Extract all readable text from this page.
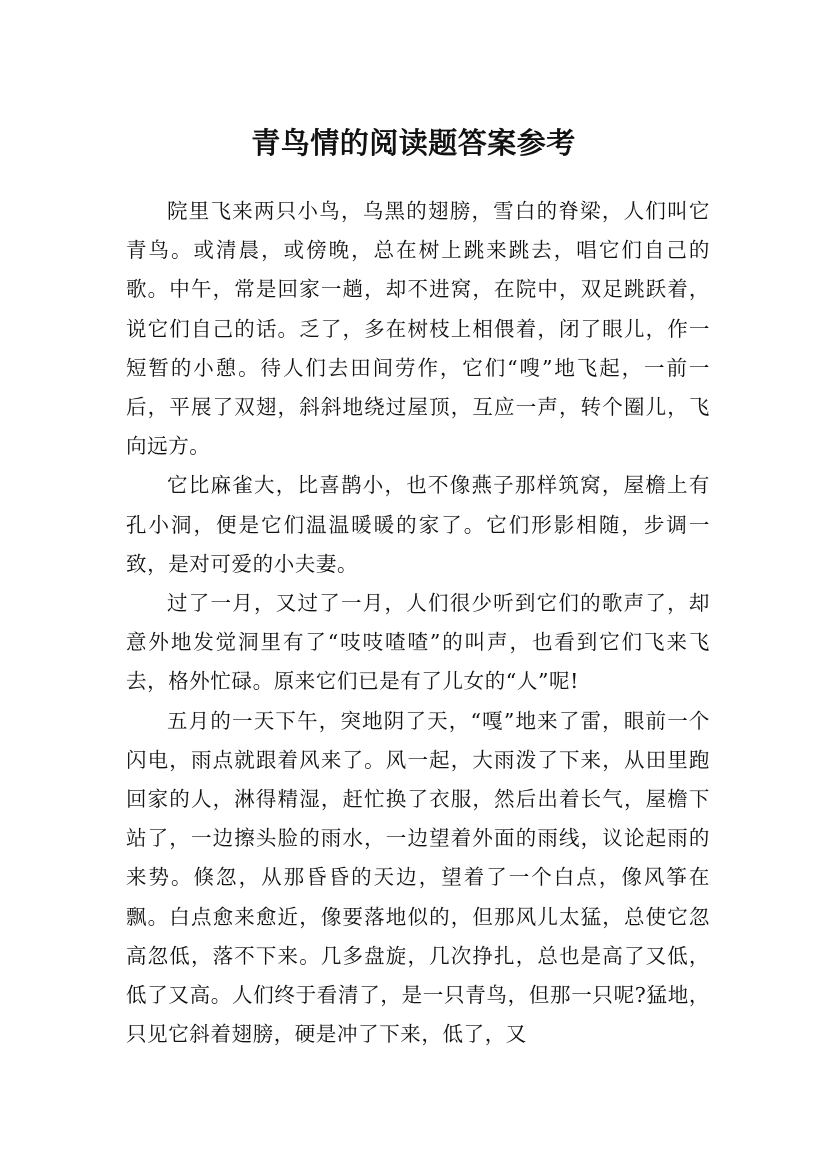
青鸟情的阅读题答案参考

院里飞来两只小鸟，乌黑的翅膀，雪白的脊梁，人们叫它青鸟。或清晨，或傍晚，总在树上跳来跳去，唱它们自己的歌。中午，常是回家一趟，却不进窝，在院中，双足跳跃着，说它们自己的话。乏了，多在树枝上相偎着，闭了眼儿，作一短暂的小憩。待人们去田间劳作，它们“嗖”地飞起，一前一后，平展了双翅，斜斜地绕过屋顶，互应一声，转个圈儿，飞向远方。

它比麻雀大，比喜鹊小，也不像燕子那样筑窝，屋檐上有孔小洞，便是它们温温暖暖的家了。它们形影相随，步调一致，是对可爱的小夫妻。

过了一月，又过了一月，人们很少听到它们的歌声了，却意外地发觉洞里有了“吱吱喳喳”的叫声，也看到它们飞来飞去，格外忙碌。原来它们已是有了儿女的“人”呢!

五月的一天下午，突地阴了天，“嘎”地来了雷，眼前一个闪电，雨点就跟着风来了。风一起，大雨泼了下来，从田里跑回家的人，淋得精湿，赶忙换了衣服，然后出着长气，屋檐下站了，一边擦头脸的雨水，一边望着外面的雨线，议论起雨的来势。倏忽，从那昏昏的天边，望着了一个白点，像风筝在飘。白点愈来愈近，像要落地似的，但那风儿太猛，总使它忽高忽低，落不下来。几多盘旋，几次挣扎，总也是高了又低，低了又高。人们终于看清了，是一只青鸟，但那一只呢?猛地，只见它斜着翅膀，硬是冲了下来，低了，又
